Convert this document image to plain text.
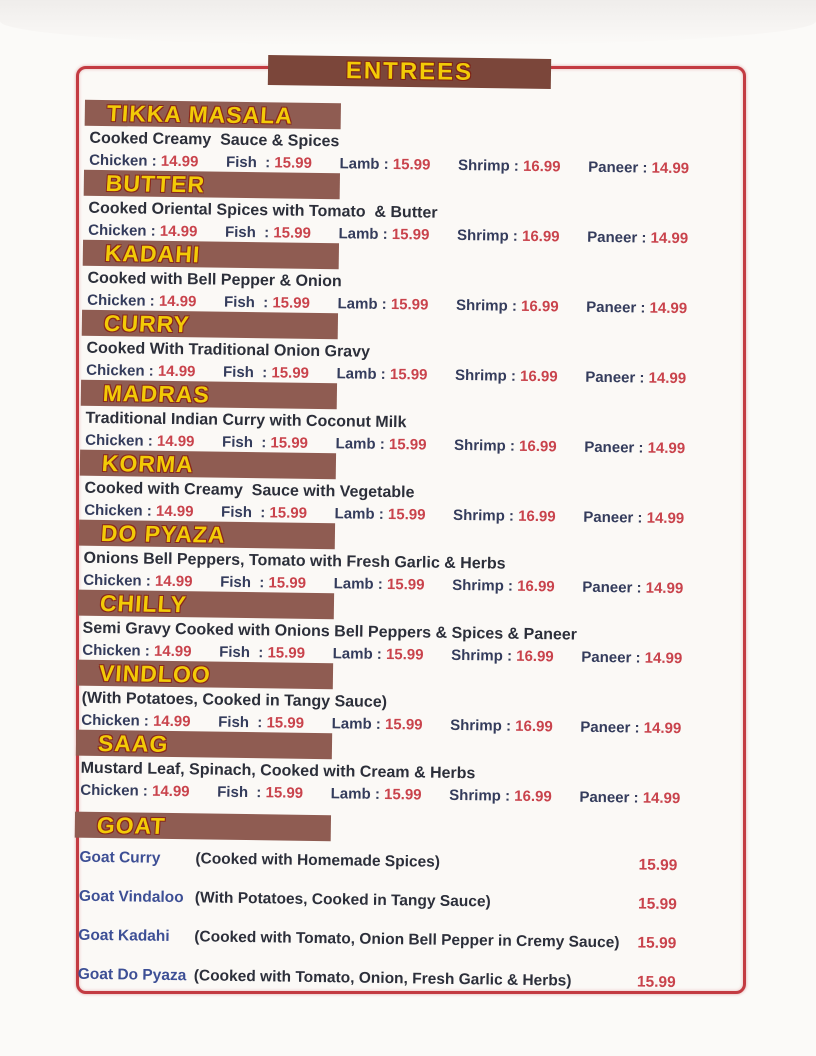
ENTREES
TIKKA MASALA
Cooked Creamy  Sauce & Spices
Chicken : 14.99 Fish  : 15.99 Lamb : 15.99 Shrimp : 16.99 Paneer : 14.99
BUTTER
Cooked Oriental Spices with Tomato  & Butter
Chicken : 14.99 Fish  : 15.99 Lamb : 15.99 Shrimp : 16.99 Paneer : 14.99
KADAHI
Cooked with Bell Pepper & Onion
Chicken : 14.99 Fish  : 15.99 Lamb : 15.99 Shrimp : 16.99 Paneer : 14.99
CURRY
Cooked With Traditional Onion Gravy
Chicken : 14.99 Fish  : 15.99 Lamb : 15.99 Shrimp : 16.99 Paneer : 14.99
MADRAS
Traditional Indian Curry with Coconut Milk
Chicken : 14.99 Fish  : 15.99 Lamb : 15.99 Shrimp : 16.99 Paneer : 14.99
KORMA
Cooked with Creamy  Sauce with Vegetable
Chicken : 14.99 Fish  : 15.99 Lamb : 15.99 Shrimp : 16.99 Paneer : 14.99
DO PYAZA
Onions Bell Peppers, Tomato with Fresh Garlic & Herbs
Chicken : 14.99 Fish  : 15.99 Lamb : 15.99 Shrimp : 16.99 Paneer : 14.99
CHILLY
Semi Gravy Cooked with Onions Bell Peppers & Spices & Paneer
Chicken : 14.99 Fish  : 15.99 Lamb : 15.99 Shrimp : 16.99 Paneer : 14.99
VINDLOO
(With Potatoes, Cooked in Tangy Sauce)
Chicken : 14.99 Fish  : 15.99 Lamb : 15.99 Shrimp : 16.99 Paneer : 14.99
SAAG
Mustard Leaf, Spinach, Cooked with Cream & Herbs
Chicken : 14.99 Fish  : 15.99 Lamb : 15.99 Shrimp : 16.99 Paneer : 14.99
GOAT
Goat Curry	(Cooked with Homemade Spices)	15.99
Goat Vindaloo (With Potatoes, Cooked in Tangy Sauce)	15.99
Goat Kadahi	(Cooked with Tomato, Onion Bell Pepper in Cremy Sauce)	15.99
Goat Do Pyaza (Cooked with Tomato, Onion, Fresh Garlic & Herbs)	15.99
